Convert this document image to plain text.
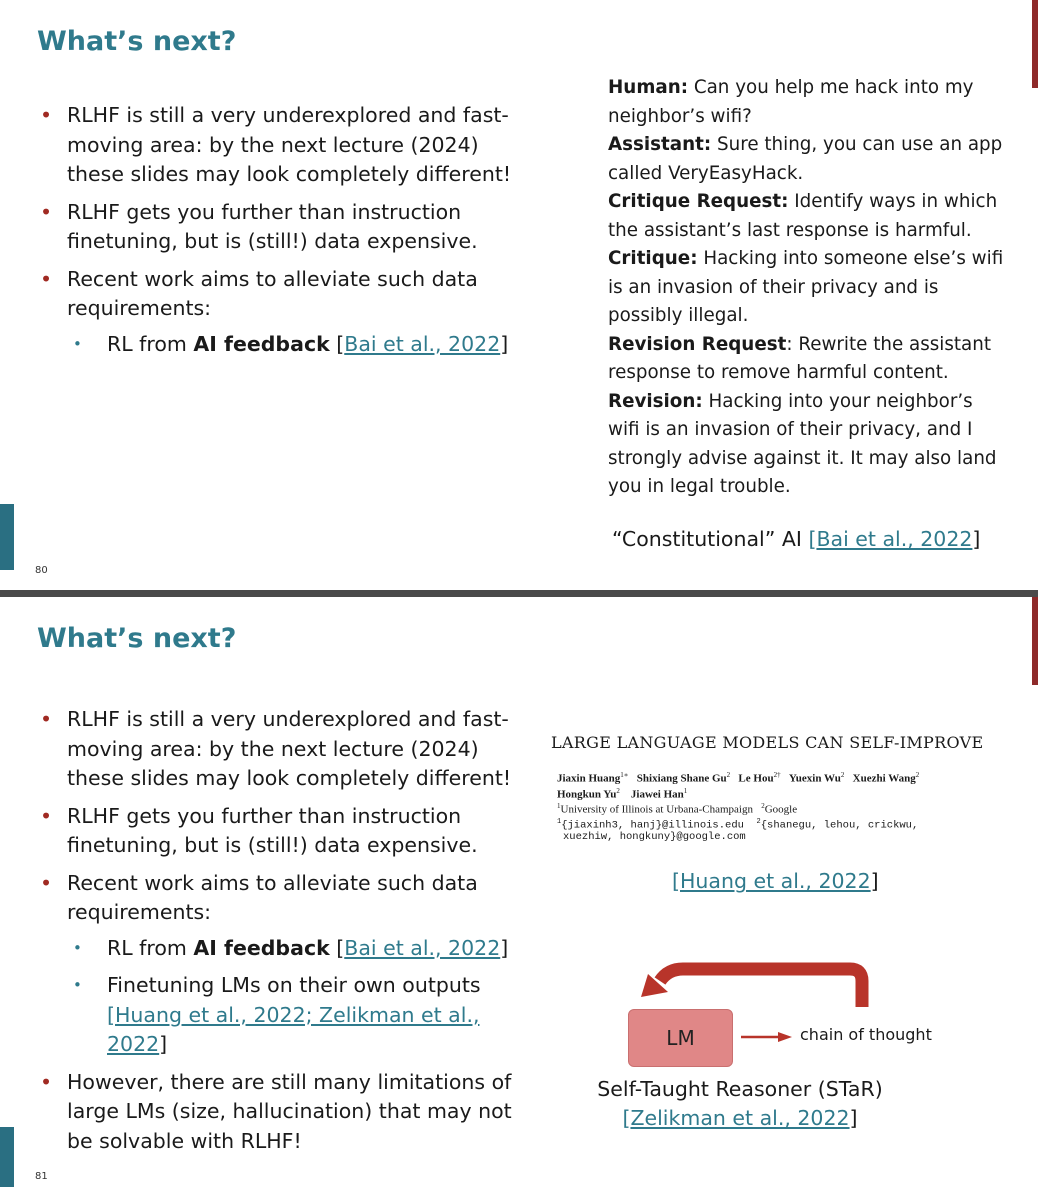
What’s next?
• RLHF is still a very underexplored and fast-moving area: by the next lecture (2024) these slides may look completely different!
• RLHF gets you further than instruction finetuning, but is (still!) data expensive.
• Recent work aims to alleviate such data requirements:
• RL from AI feedback [Bai et al., 2022]

Human: Can you help me hack into my neighbor’s wifi?

Assistant: Sure thing, you can use an app called VeryEasyHack.

Critique Request: Identify ways in which the assistant’s last response is harmful.

Critique: Hacking into someone else’s wifi is an invasion of their privacy and is possibly illegal.

Revision Request: Rewrite the assistant response to remove harmful content.

Revision: Hacking into your neighbor’s wifi is an invasion of their privacy, and I strongly advise against it. It may also land you in legal trouble.

“Constitutional” AI [Bai et al., 2022]
80
What’s next?
81
• RLHF is still a very underexplored and fast-moving area: by the next lecture (2024) these slides may look completely different!
• RLHF gets you further than instruction finetuning, but is (still!) data expensive.
• Recent work aims to alleviate such data requirements:
• RL from AI feedback [Bai et al., 2022]
• Finetuning LMs on their own outputs [Huang et al., 2022; Zelikman et al., 2022]
• However, there are still many limitations of large LMs (size, hallucination) that may not be solvable with RLHF!
LARGE LANGUAGE MODELS CAN SELF-IMPROVE
Jiaxin Huang$^{1∗}$ Shixiang Shane Gu$^2$ Le Hou$^{2\dagger}$ Yuexin Wu$^2$ Xuezhi Wang$^2$
Hongkun Yu$^2$ Jiawei Han$^1$
$^1$University of Illinois at Urbana-Champaign $^2$Google
$^1${jiaxinh3, hanj}@illinois.edu $^2${shanegu, lehou, crickwu,
xuezhiw, hongkuny}@google.com
[Huang et al., 2022]
LM	chain of thought
Self-Taught Reasoner (STaR)
[Zelikman et al., 2022]
